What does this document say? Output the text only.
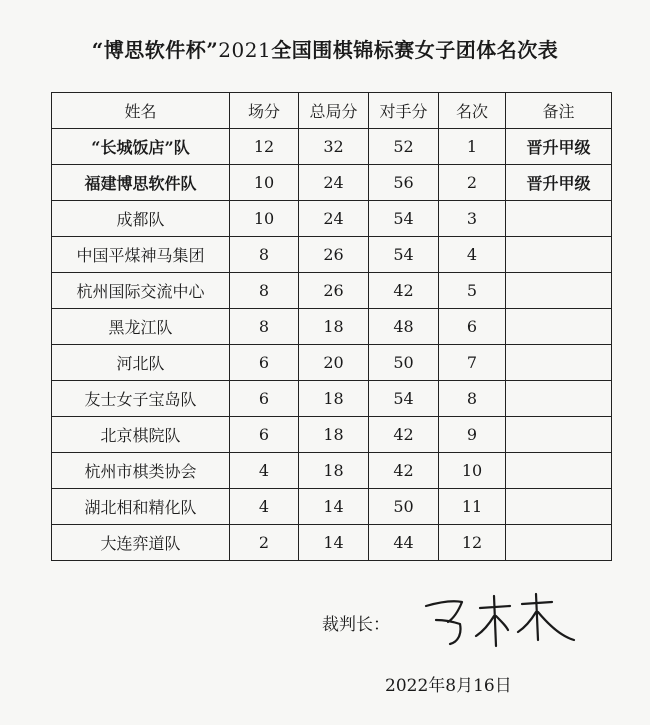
“博思软件杯”2021全国围棋锦标赛女子团体名次表
姓名	场分	总局分	对手分	名次	备注
“长城饭店”队	12	32	52	1	晋升甲级
福建博思软件队	10	24	56	2	晋升甲级
成都队	10	24	54	3	
中国平煤神马集团	8	26	54	4	
杭州国际交流中心	8	26	42	5	
黑龙江队	8	18	48	6	
河北队	6	20	50	7	
友士女子宝岛队	6	18	54	8	
北京棋院队	6	18	42	9	
杭州市棋类协会	4	18	42	10	
湖北相和精化队	4	14	50	11	
大连弈道队	2	14	44	12	
裁判长：
2022年8月16日
